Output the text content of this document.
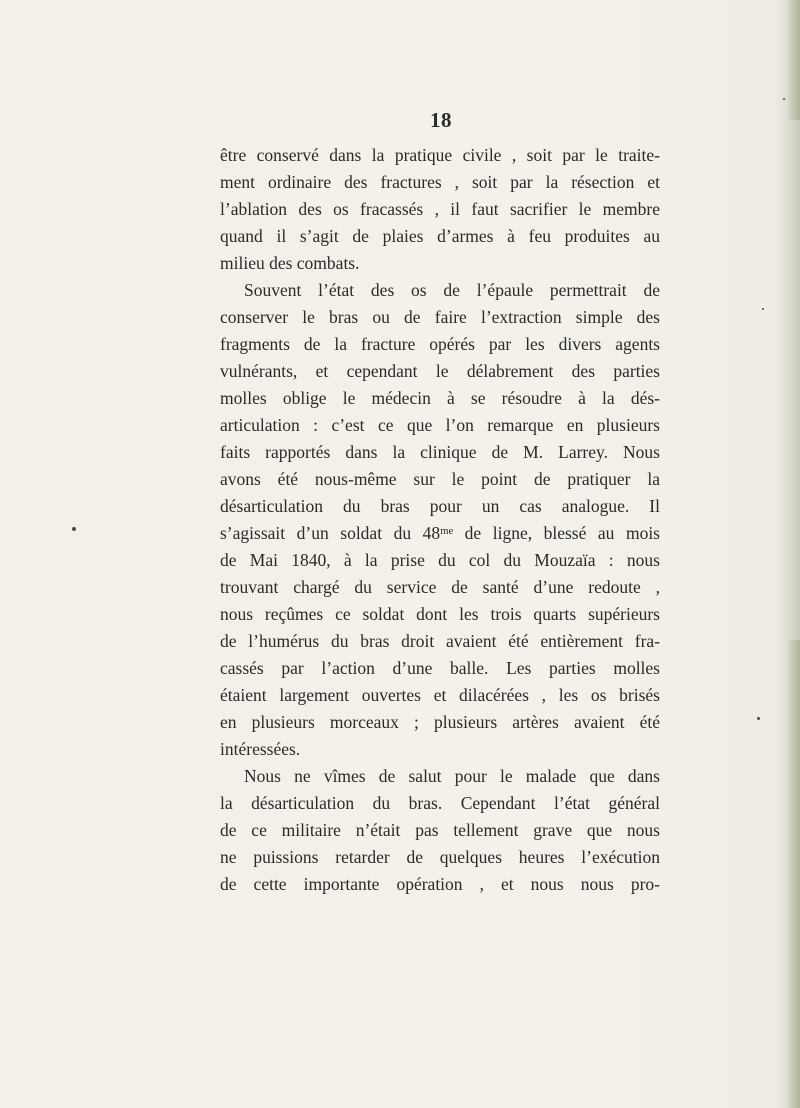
18
être conservé dans la pratique civile , soit par le traite-
ment ordinaire des fractures , soit par la résection et
l’ablation des os fracassés , il faut sacrifier le membre
quand il s’agit de plaies d’armes à feu produites au
milieu des combats.
Souvent l’état des os de l’épaule permettrait de
conserver le bras ou de faire l’extraction simple des
fragments de la fracture opérés par les divers agents
vulnérants, et cependant le délabrement des parties
molles oblige le médecin à se résoudre à la dés-
articulation : c’est ce que l’on remarque en plusieurs
faits rapportés dans la clinique de M. Larrey. Nous
avons été nous-même sur le point de pratiquer la
désarticulation du bras pour un cas analogue. Il
s’agissait d’un soldat du 48ᵐᵉ de ligne, blessé au mois
de Mai 1840, à la prise du col du Mouzaïa : nous
trouvant chargé du service de santé d’une redoute ,
nous reçûmes ce soldat dont les trois quarts supérieurs
de l’humérus du bras droit avaient été entièrement fra-
cassés par l’action d’une balle. Les parties molles
étaient largement ouvertes et dilacérées , les os brisés
en plusieurs morceaux ; plusieurs artères avaient été
intéressées.
Nous ne vîmes de salut pour le malade que dans
la désarticulation du bras. Cependant l’état général
de ce militaire n’était pas tellement grave que nous
ne puissions retarder de quelques heures l’exécution
de cette importante opération , et nous nous pro-
